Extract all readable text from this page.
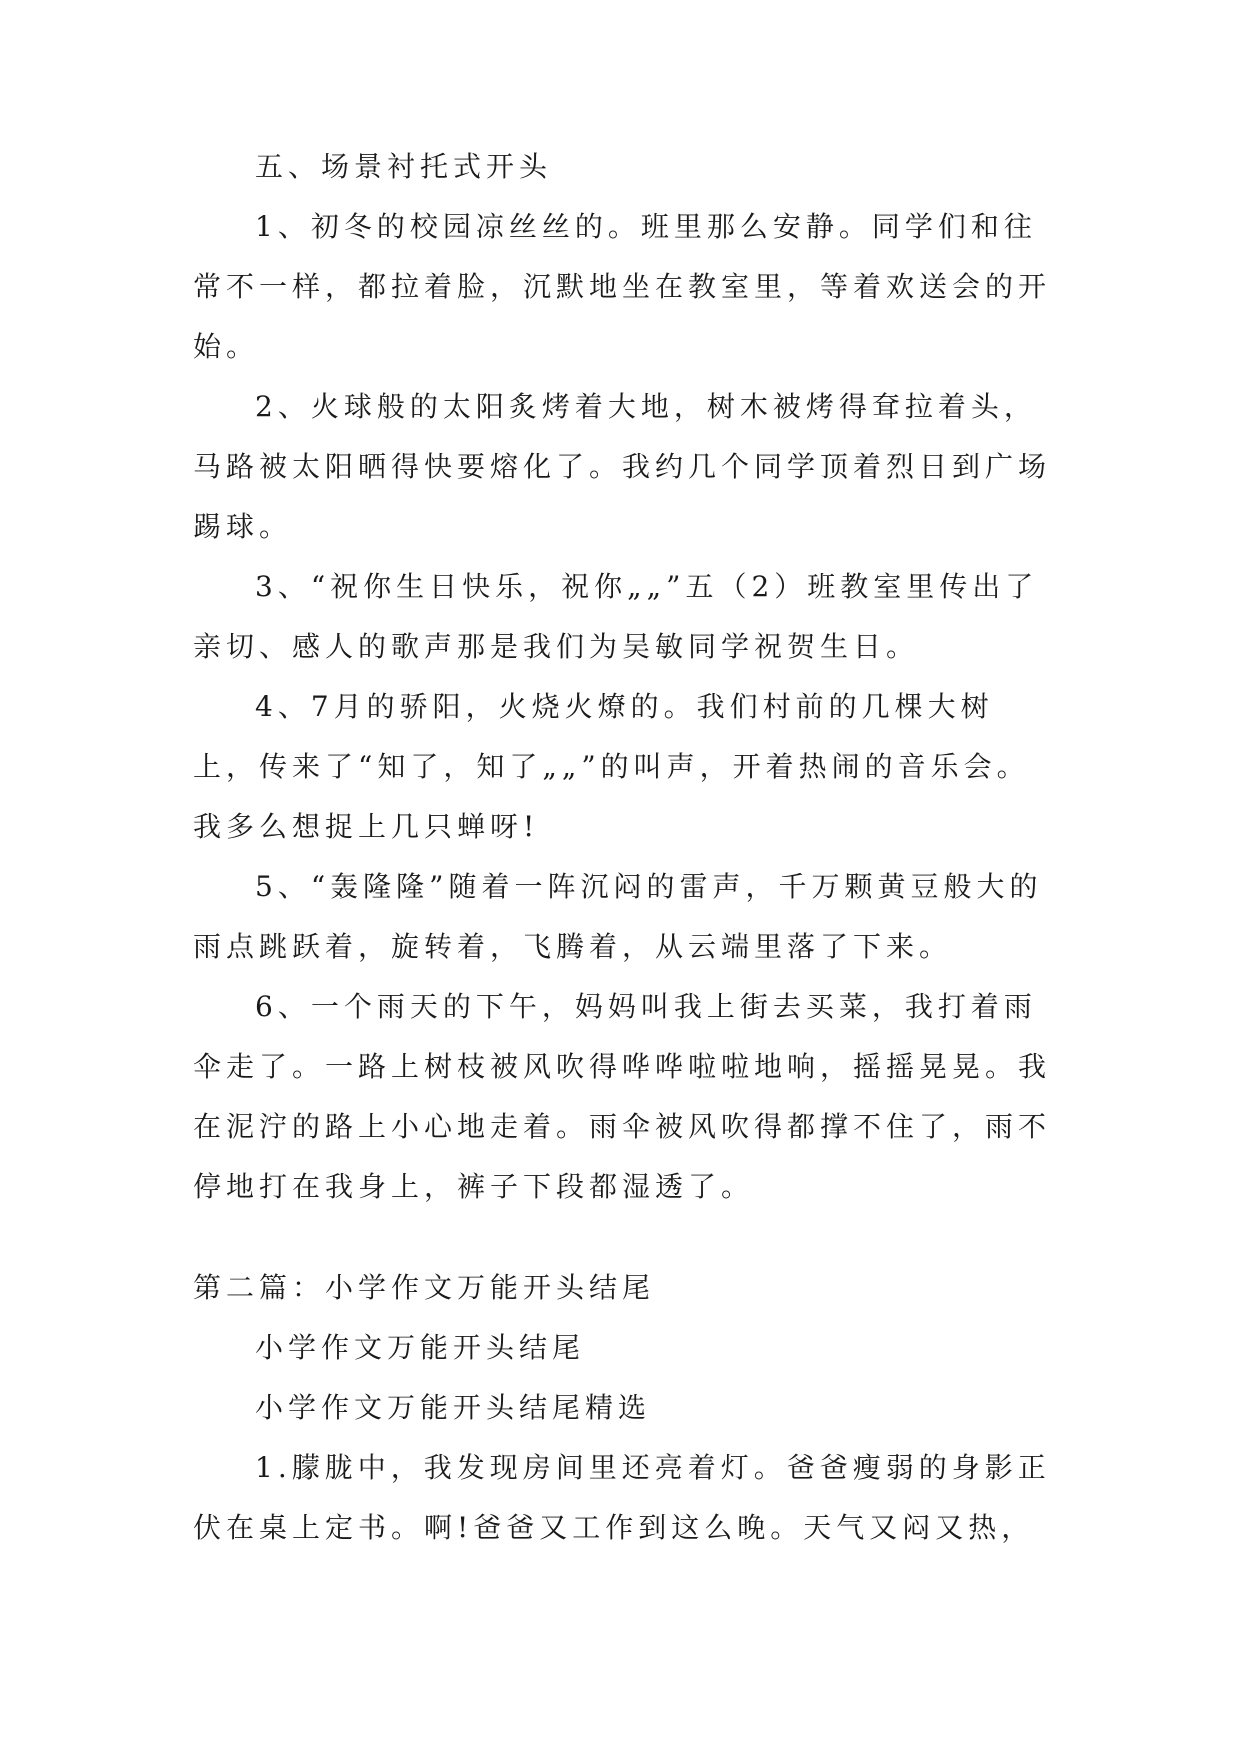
五、场景衬托式开头

1、初冬的校园凉丝丝的。班里那么安静。同学们和往常不一样，都拉着脸，沉默地坐在教室里，等着欢送会的开始。

2、火球般的太阳炙烤着大地，树木被烤得耷拉着头，马路被太阳晒得快要熔化了。我约几个同学顶着烈日到广场踢球。

3、“祝你生日快乐，祝你„„”五（2）班教室里传出了亲切、感人的歌声那是我们为吴敏同学祝贺生日。

4、7月的骄阳，火烧火燎的。我们村前的几棵大树上，传来了“知了，知了„„”的叫声，开着热闹的音乐会。我多么想捉上几只蝉呀!

5、“轰隆隆”随着一阵沉闷的雷声，千万颗黄豆般大的雨点跳跃着，旋转着，飞腾着，从云端里落了下来。

6、一个雨天的下午，妈妈叫我上街去买菜，我打着雨伞走了。一路上树枝被风吹得哗哗啦啦地响，摇摇晃晃。我在泥泞的路上小心地走着。雨伞被风吹得都撑不住了，雨不停地打在我身上，裤子下段都湿透了。

第二篇：小学作文万能开头结尾

小学作文万能开头结尾

小学作文万能开头结尾精选

1.朦胧中，我发现房间里还亮着灯。爸爸瘦弱的身影正伏在桌上定书。啊!爸爸又工作到这么晚。天气又闷又热，
